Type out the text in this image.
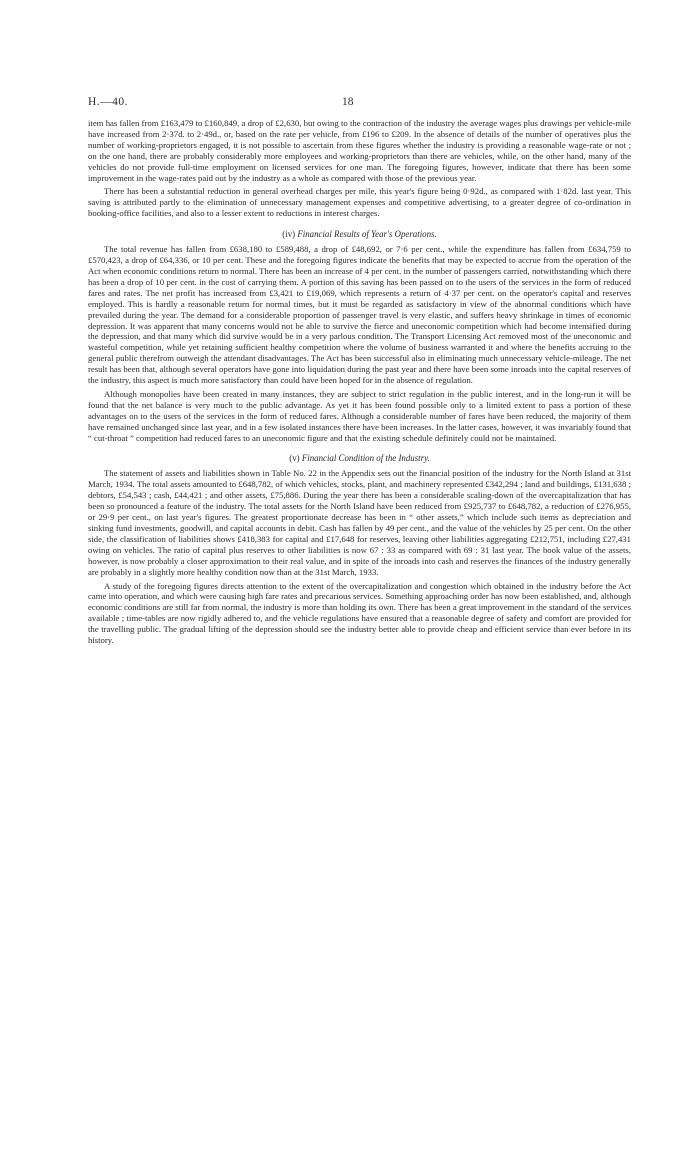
H.—40.	18

item has fallen from £163,479 to £160,849, a drop of £2,630, but owing to the contraction of the industry the average wages plus drawings per vehicle-mile have increased from 2·37d. to 2·49d., or, based on the rate per vehicle, from £196 to £209. In the absence of details of the number of operatives plus the number of working-proprietors engaged, it is not possible to ascertain from these figures whether the industry is providing a reasonable wage-rate or not ; on the one hand, there are probably considerably more employees and working-proprietors than there are vehicles, while, on the other hand, many of the vehicles do not provide full-time employment on licensed services for one man. The foregoing figures, however, indicate that there has been some improvement in the wage-rates paid out by the industry as a whole as compared with those of the previous year.

There has been a substantial reduction in general overhead charges per mile, this year's figure being 0·92d., as compared with 1·82d. last year. This saving is attributed partly to the elimination of unnecessary management expenses and competitive advertising, to a greater degree of co-ordination in booking-office facilities, and also to a lesser extent to reductions in interest charges.

(iv) Financial Results of Year's Operations.

The total revenue has fallen from £638,180 to £589,488, a drop of £48,692, or 7·6 per cent., while the expenditure has fallen from £634,759 to £570,423, a drop of £64,336, or 10 per cent. These and the foregoing figures indicate the benefits that may be expected to accrue from the operation of the Act when economic conditions return to normal. There has been an increase of 4 per cent. in the number of passengers carried, notwithstanding which there has been a drop of 10 per cent. in the cost of carrying them. A portion of this saving has been passed on to the users of the services in the form of reduced fares and rates. The net profit has increased from £3,421 to £19,069, which represents a return of 4·37 per cent. on the operator's capital and reserves employed. This is hardly a reasonable return for normal times, but it must be regarded as satisfactory in view of the abnormal conditions which have prevailed during the year. The demand for a considerable proportion of passenger travel is very elastic, and suffers heavy shrinkage in times of economic depression. It was apparent that many concerns would not be able to survive the fierce and uneconomic competition which had become intensified during the depression, and that many which did survive would be in a very parlous condition. The Transport Licensing Act removed most of the uneconomic and wasteful competition, while yet retaining sufficient healthy competition where the volume of business warranted it and where the benefits accruing to the general public therefrom outweigh the attendant disadvantages. The Act has been successful also in eliminating much unnecessary vehicle-mileage. The net result has been that, although several operators have gone into liquidation during the past year and there have been some inroads into the capital reserves of the industry, this aspect is much more satisfactory than could have been hoped for in the absence of regulation.

Although monopolies have been created in many instances, they are subject to strict regulation in the public interest, and in the long-run it will be found that the net balance is very much to the public advantage. As yet it has been found possible only to a limited extent to pass a portion of these advantages on to the users of the services in the form of reduced fares. Although a considerable number of fares have been reduced, the majority of them have remained unchanged since last year, and in a few isolated instances there have been increases. In the latter cases, however, it was invariably found that “ cut-throat ” competition had reduced fares to an uneconomic figure and that the existing schedule definitely could not be maintained.

(v) Financial Condition of the Industry.

The statement of assets and liabilities shown in Table No. 22 in the Appendix sets out the financial position of the industry for the North Island at 31st March, 1934. The total assets amounted to £648,782, of which vehicles, stocks, plant, and machinery represented £342,294 ; land and buildings, £131,638 ; debtors, £54,543 ; cash, £44,421 ; and other assets, £75,886. During the year there has been a considerable scaling-down of the overcapitalization that has been so pronounced a feature of the industry. The total assets for the North Island have been reduced from £925,737 to £648,782, a reduction of £276,955, or 29·9 per cent., on last year's figures. The greatest proportionate decrease has been in “ other assets,” which include such items as depreciation and sinking fund investments, goodwill, and capital accounts in debit. Cash has fallen by 49 per cent., and the value of the vehicles by 25 per cent. On the other side, the classification of liabilities shows £418,383 for capital and £17,648 for reserves, leaving other liabilities aggregating £212,751, including £27,431 owing on vehicles. The ratio of capital plus reserves to other liabilities is now 67 : 33 as compared with 69 : 31 last year. The book value of the assets, however, is now probably a closer approximation to their real value, and in spite of the inroads into cash and reserves the finances of the industry generally are probably in a slightly more healthy condition now than at the 31st March, 1933.

A study of the foregoing figures directs attention to the extent of the overcapitalization and congestion which obtained in the industry before the Act came into operation, and which were causing high fare rates and precarious services. Something approaching order has now been established, and, although economic conditions are still far from normal, the industry is more than holding its own. There has been a great improvement in the standard of the services available ; time-tables are now rigidly adhered to, and the vehicle regulations have ensured that a reasonable degree of safety and comfort are provided for the travelling public. The gradual lifting of the depression should see the industry better able to provide cheap and efficient service than ever before in its history.
